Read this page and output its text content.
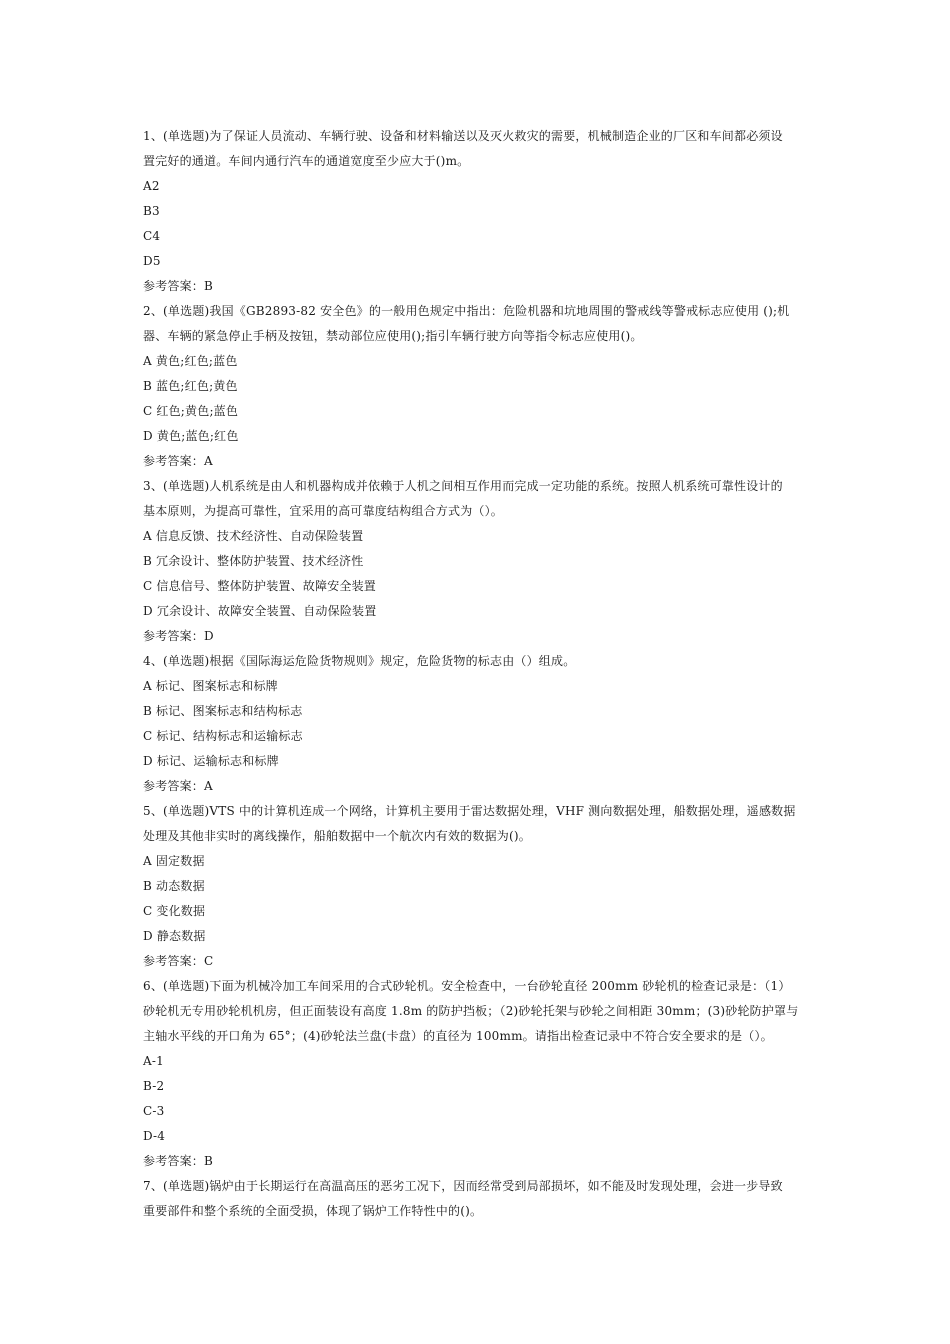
1、(单选题)为了保证人员流动、车辆行驶、设备和材料输送以及灭火救灾的需要，机械制造企业的厂区和车间都必须设
置完好的通道。车间内通行汽车的通道宽度至少应大于()m。
A2
B3
C4
D5
参考答案：B
2、(单选题)我国《GB2893-82 安全色》的一般用色规定中指出：危险机器和坑地周围的警戒线等警戒标志应使用 ();机
器、车辆的紧急停止手柄及按钮，禁动部位应使用();指引车辆行驶方向等指令标志应使用()。
A 黄色;红色;蓝色
B 蓝色;红色;黄色
C 红色;黄色;蓝色
D 黄色;蓝色;红色
参考答案：A
3、(单选题)人机系统是由人和机器构成并依赖于人机之间相互作用而完成一定功能的系统。按照人机系统可靠性设计的
基本原则，为提高可靠性，宜采用的高可靠度结构组合方式为（）。
A 信息反馈、技术经济性、自动保险装置
B 冗余设计、整体防护装置、技术经济性
C 信息信号、整体防护装置、故障安全装置
D 冗余设计、故障安全装置、自动保险装置
参考答案：D
4、(单选题)根据《国际海运危险货物规则》规定，危险货物的标志由（）组成。
A 标记、图案标志和标牌
B 标记、图案标志和结构标志
C 标记、结构标志和运输标志
D 标记、运输标志和标牌
参考答案：A
5、(单选题)VTS 中的计算机连成一个网络，计算机主要用于雷达数据处理，VHF 测向数据处理，船数据处理，遥感数据
处理及其他非实时的离线操作，船舶数据中一个航次内有效的数据为()。
A 固定数据
B 动态数据
C 变化数据
D 静态数据
参考答案：C
6、(单选题)下面为机械冷加工车间采用的合式砂轮机。安全检查中，一台砂轮直径 200mm 砂轮机的检查记录是：（1）
砂轮机无专用砂轮机机房，但正面装设有高度 1.8m 的防护挡板；（2)砂轮托架与砂轮之间相距 30mm；(3)砂轮防护罩与
主轴水平线的开口角为 65°；(4)砂轮法兰盘(卡盘）的直径为 100mm。请指出检查记录中不符合安全要求的是（）。
A-1
B-2
C-3
D-4
参考答案：B
7、(单选题)锅炉由于长期运行在高温高压的恶劣工况下，因而经常受到局部损坏，如不能及时发现处理，会进一步导致
重要部件和整个系统的全面受损，体现了锅炉工作特性中的()。
